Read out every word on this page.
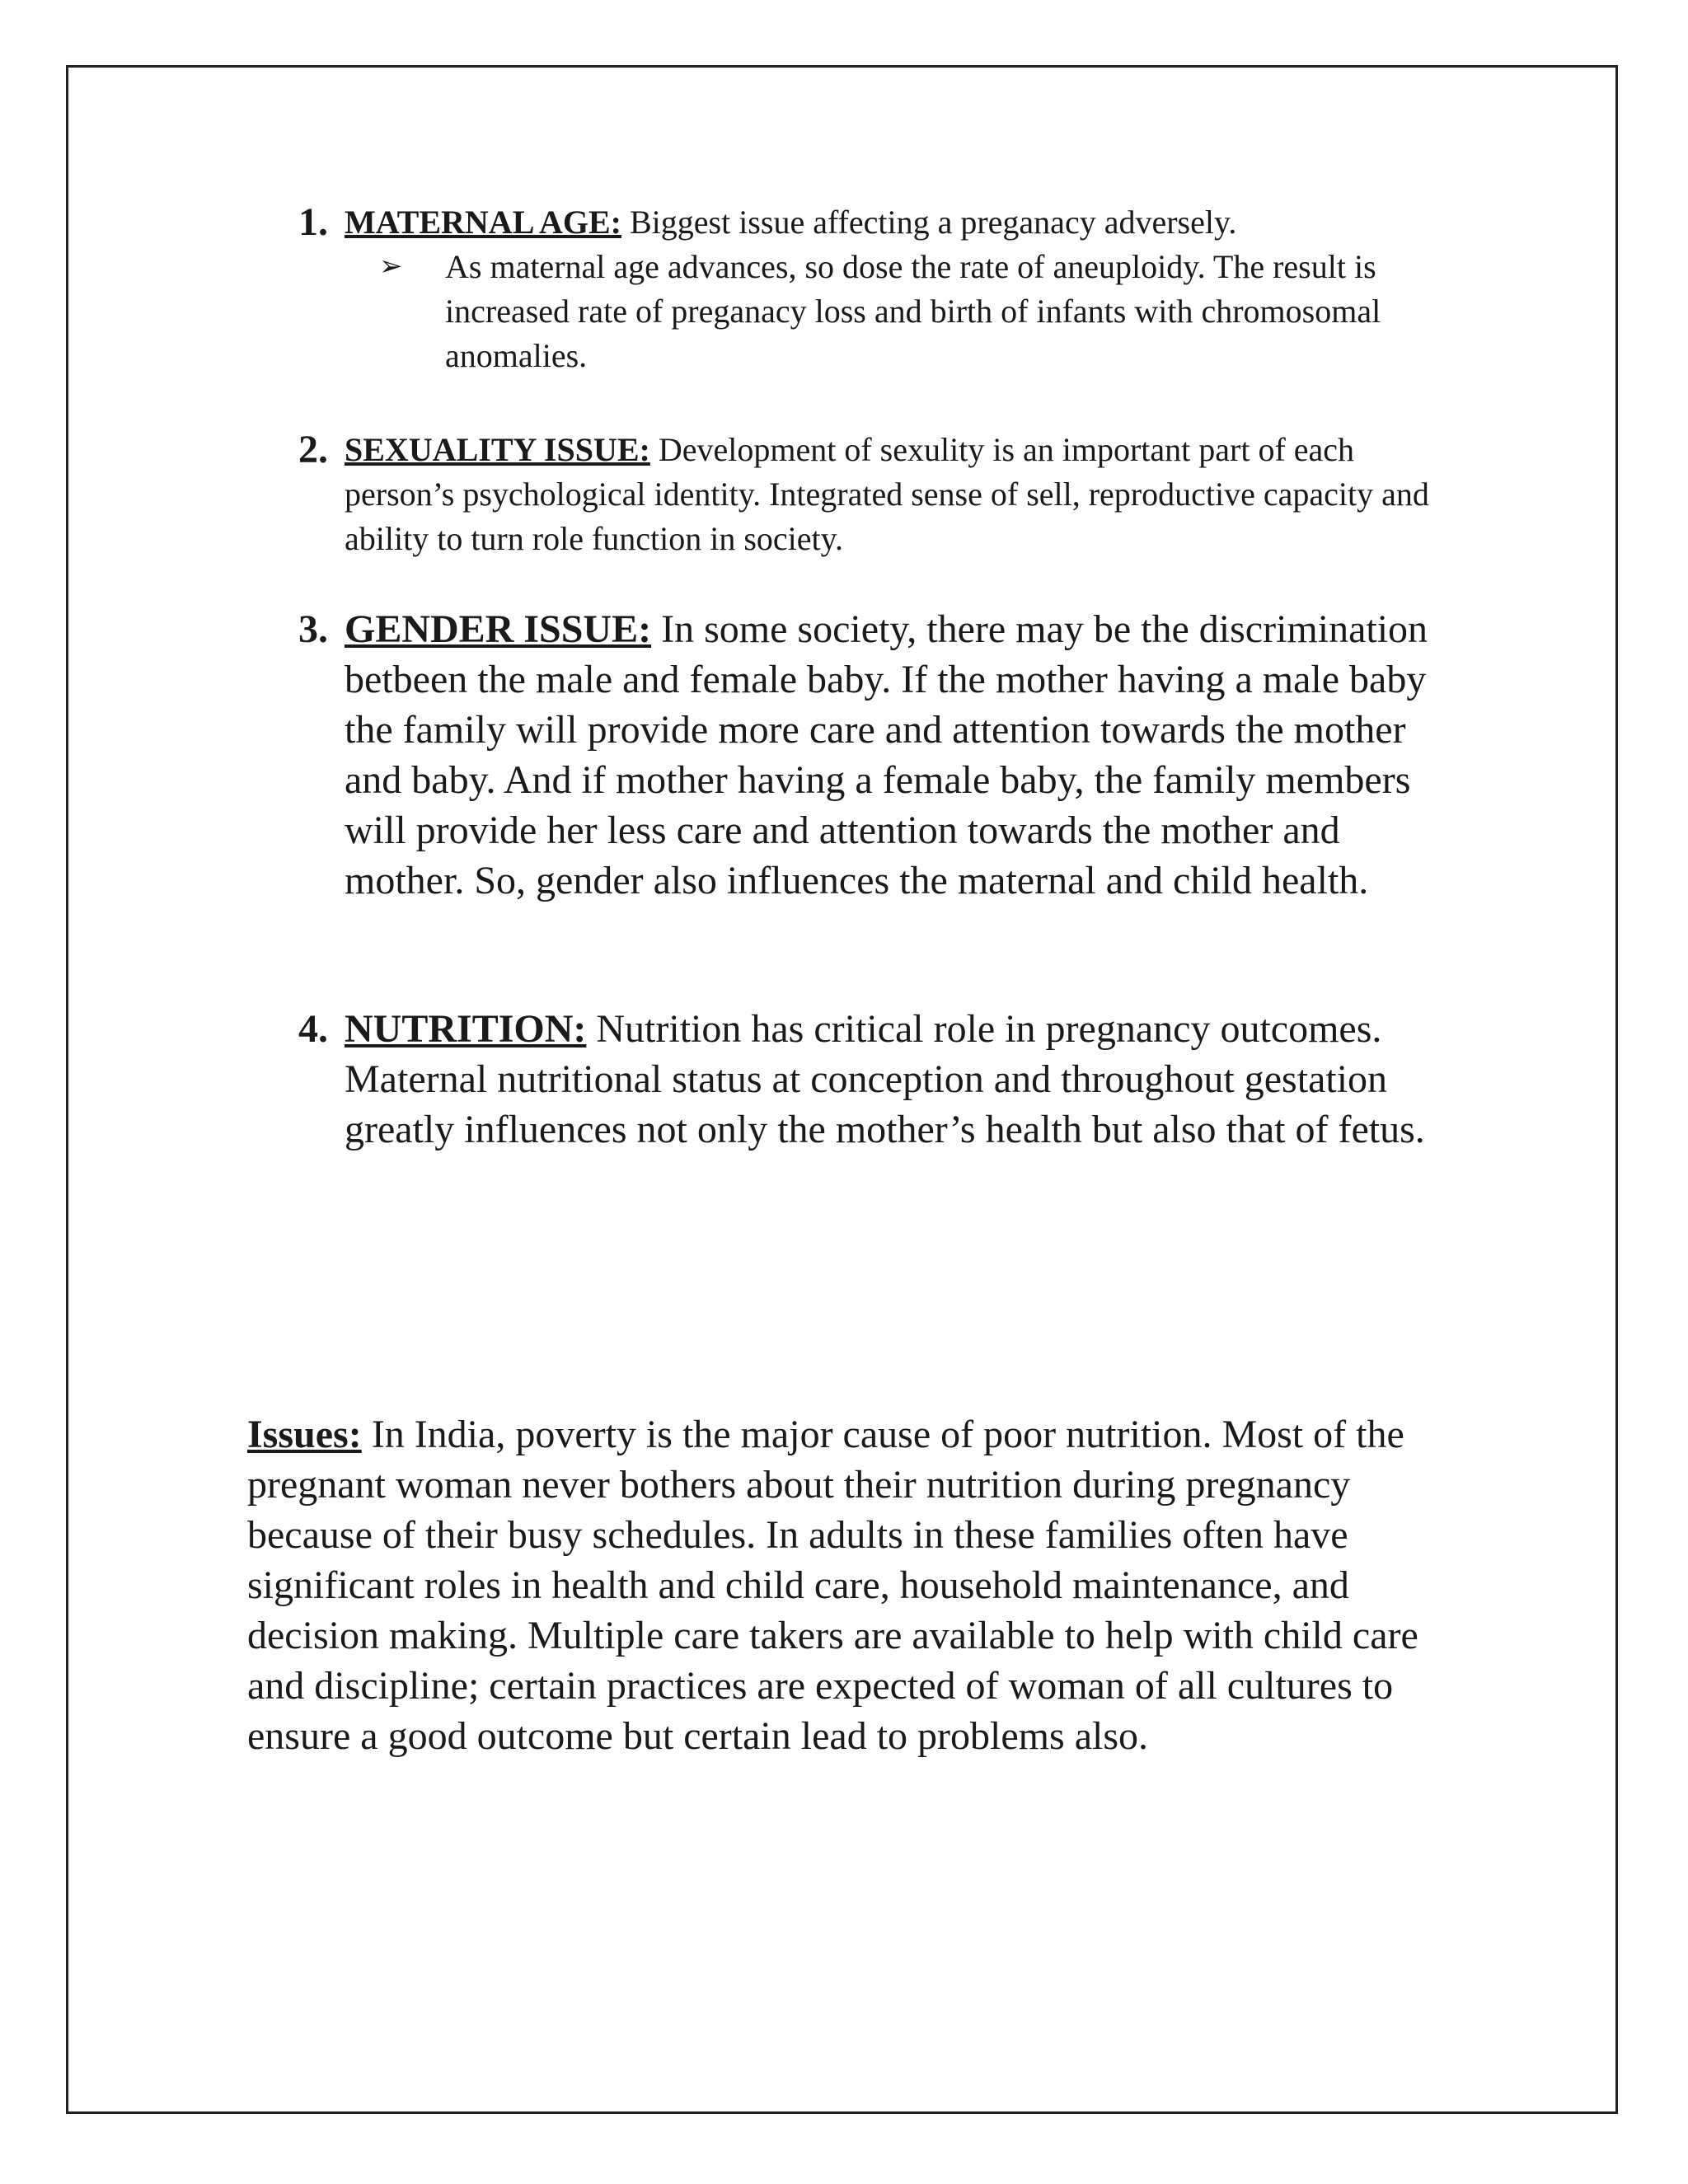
1. MATERNAL AGE: Biggest issue affecting a preganacy adversely.

➢ As maternal age advances, so dose the rate of aneuploidy. The result is increased rate of preganacy loss and birth of infants with chromosomal anomalies.

2. SEXUALITY ISSUE: Development of sexulity is an important part of each person’s psychological identity. Integrated sense of sell, reproductive capacity and ability to turn role function in society.

3. GENDER ISSUE: In some society, there may be the discrimination betbeen the male and female baby. If the mother having a male baby the family will provide more care and attention towards the mother and baby. And if mother having a female baby, the family members will provide her less care and attention towards the mother and mother. So, gender also influences the maternal and child health.

4. NUTRITION: Nutrition has critical role in pregnancy outcomes. Maternal nutritional status at conception and throughout gestation greatly influences not only the mother’s health but also that of fetus.

Issues: In India, poverty is the major cause of poor nutrition. Most of the pregnant woman never bothers about their nutrition during pregnancy because of their busy schedules. In adults in these families often have significant roles in health and child care, household maintenance, and decision making. Multiple care takers are available to help with child care and discipline; certain practices are expected of woman of all cultures to ensure a good outcome but certain lead to problems also.
